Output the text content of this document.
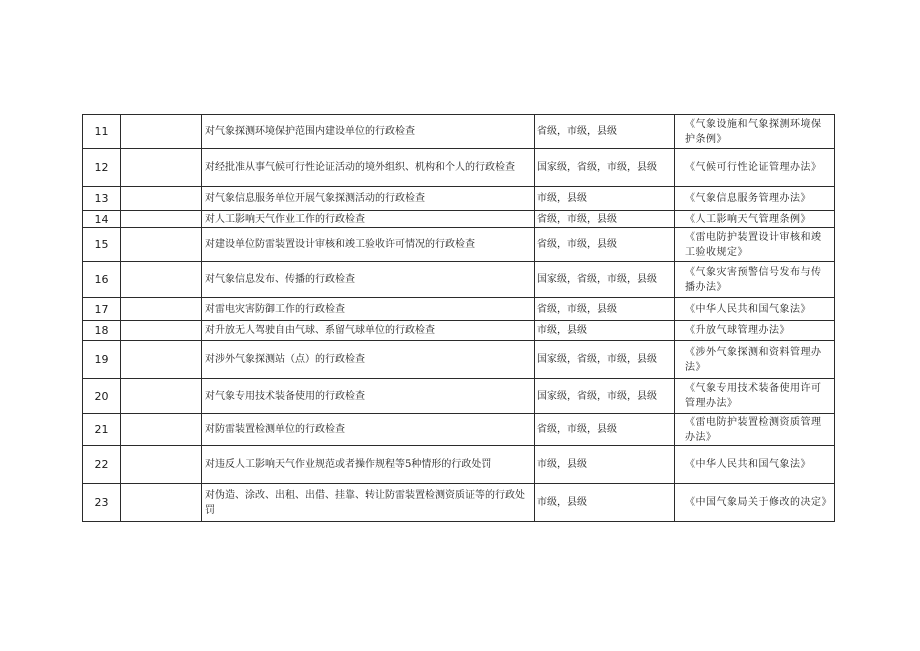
11		对气象探测环境保护范围内建设单位的行政检查	省级，市级，县级	《气象设施和气象探测环境保护条例》
12		对经批准从事气候可行性论证活动的境外组织、机构和个人的行政检查	国家级，省级，市级，县级	《气候可行性论证管理办法》
13		对气象信息服务单位开展气象探测活动的行政检查	市级，县级	《气象信息服务管理办法》
14		对人工影响天气作业工作的行政检查	省级，市级，县级	《人工影响天气管理条例》
15		对建设单位防雷装置设计审核和竣工验收许可情况的行政检查	省级，市级，县级	《雷电防护装置设计审核和竣工验收规定》
16		对气象信息发布、传播的行政检查	国家级，省级，市级，县级	《气象灾害预警信号发布与传播办法》
17		对雷电灾害防御工作的行政检查	省级，市级，县级	《中华人民共和国气象法》
18		对升放无人驾驶自由气球、系留气球单位的行政检查	市级，县级	《升放气球管理办法》
19		对涉外气象探测站（点）的行政检查	国家级，省级，市级，县级	《涉外气象探测和资料管理办法》
20		对气象专用技术装备使用的行政检查	国家级，省级，市级，县级	《气象专用技术装备使用许可管理办法》
21		对防雷装置检测单位的行政检查	省级，市级，县级	《雷电防护装置检测资质管理办法》
22		对违反人工影响天气作业规范或者操作规程等5种情形的行政处罚	市级，县级	《中华人民共和国气象法》
23		对伪造、涂改、出租、出借、挂靠、转让防雷装置检测资质证等的行政处罚	市级，县级	《中国气象局关于修改的决定》
